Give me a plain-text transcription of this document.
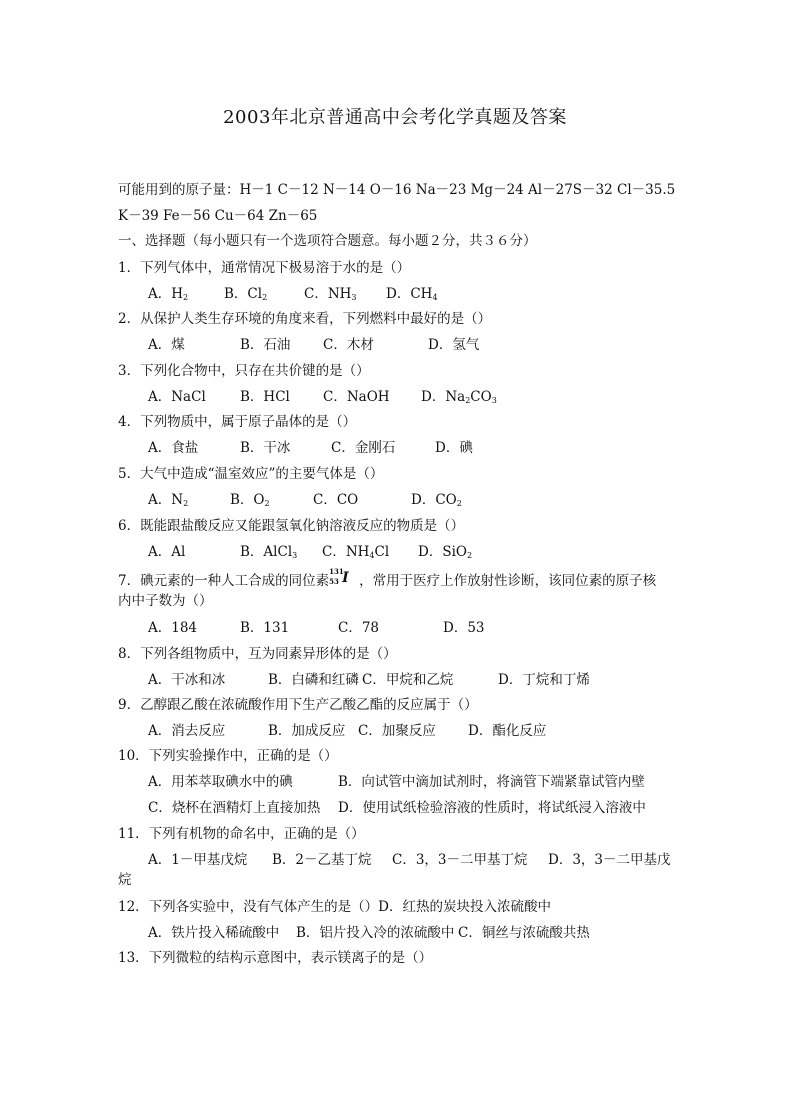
2003年北京普通高中会考化学真题及答案
可能用到的原子量：H－1 C－12 N－14 O－16 Na－23 Mg－24 Al－27S－32 Cl－35.5
K－39 Fe－56 Cu－64 Zn－65
一、选择题（每小题只有一个选项符合题意。每小题２分，共３６分）
1．下列气体中，通常情况下极易溶于水的是（）
A．$H_2$	B．$Cl_2$	C．$NH_3$ D．$CH_4$
2．从保护人类生存环境的角度来看，下列燃料中最好的是（）
A．煤	B．石油 C．木材	D．氢气
3．下列化合物中，只存在共价键的是（）
A．NaCl	B．HCl C．NaOH D．$Na_2CO_3$
4．下列物质中，属于原子晶体的是（）
A．食盐	B．干冰	C．金刚石	D．碘
5．大气中造成“温室效应”的主要气体是（）
A．$N_2$	B．$O_2$	C．CO	D．$CO_2$
6．既能跟盐酸反应又能跟氢氧化钠溶液反应的物质是（）
A．Al	B．AlCl$_3$ C．$NH_4Cl$ D．SiO$_2$
7．碘元素的一种人工合成的同位素
131
53 I ，常用于医疗上作放射性诊断，该同位素的原子核
内中子数为（）
A．184	B．131	C．78	D．53
8．下列各组物质中，互为同素异形体的是（）
A．干冰和冰	B．白磷和红磷 C．甲烷和乙烷	D．丁烷和丁烯
9．乙醇跟乙酸在浓硫酸作用下生产乙酸乙酯的反应属于（）
A．消去反应	B．加成反应 C．加聚反应 D．酯化反应
10．下列实验操作中，正确的是（）
A．用苯萃取碘水中的碘	B．向试管中滴加试剂时，将滴管下端紧靠试管内壁
C．烧杯在酒精灯上直接加热 D．使用试纸检验溶液的性质时，将试纸浸入溶液中
11．下列有机物的命名中，正确的是（）
A．1－甲基戊烷 B．2－乙基丁烷 C．3，3－二甲基丁烷 D．3，3－二甲基戊
烷
12．下列各实验中，没有气体产生的是（）D．红热的炭块投入浓硫酸中
A．铁片投入稀硫酸中 B．铝片投入冷的浓硫酸中 C．铜丝与浓硫酸共热
13．下列微粒的结构示意图中，表示镁离子的是（）
